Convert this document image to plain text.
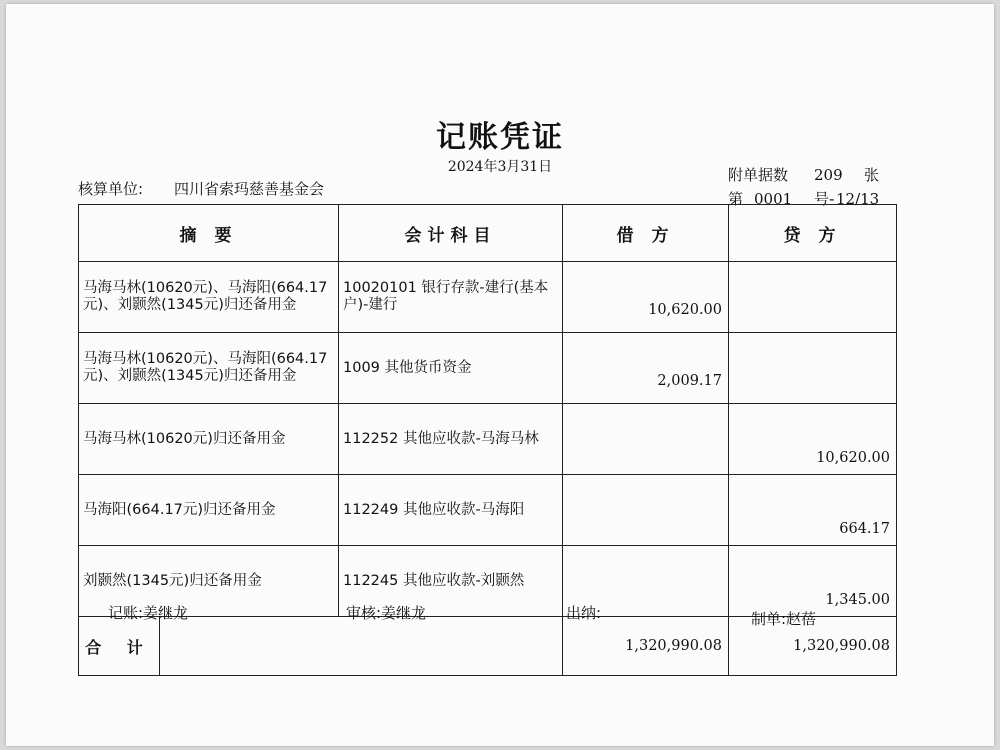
记账凭证
2024年3月31日
核算单位: 四川省索玛慈善基金会
附单据数 209 张
第 0001 号- 12/13
摘 要	会计科目	借 方	贷 方
马海马林(10620元)、马海阳(664.17元)、刘颢然(1345元)归还备用金	10020101 银行存款-建行(基本户)-建行	10,620.00	
马海马林(10620元)、马海阳(664.17元)、刘颢然(1345元)归还备用金	1009 其他货币资金	2,009.17	
马海马林(10620元)归还备用金	112252 其他应收款-马海马林		10,620.00
马海阳(664.17元)归还备用金	112249 其他应收款-马海阳		664.17
刘颢然(1345元)归还备用金	112245 其他应收款-刘颢然		1,345.00

合 计		1,320,990.08	1,320,990.08
记账:姜继龙	审核:姜继龙	出纳:	制单:赵蓓
